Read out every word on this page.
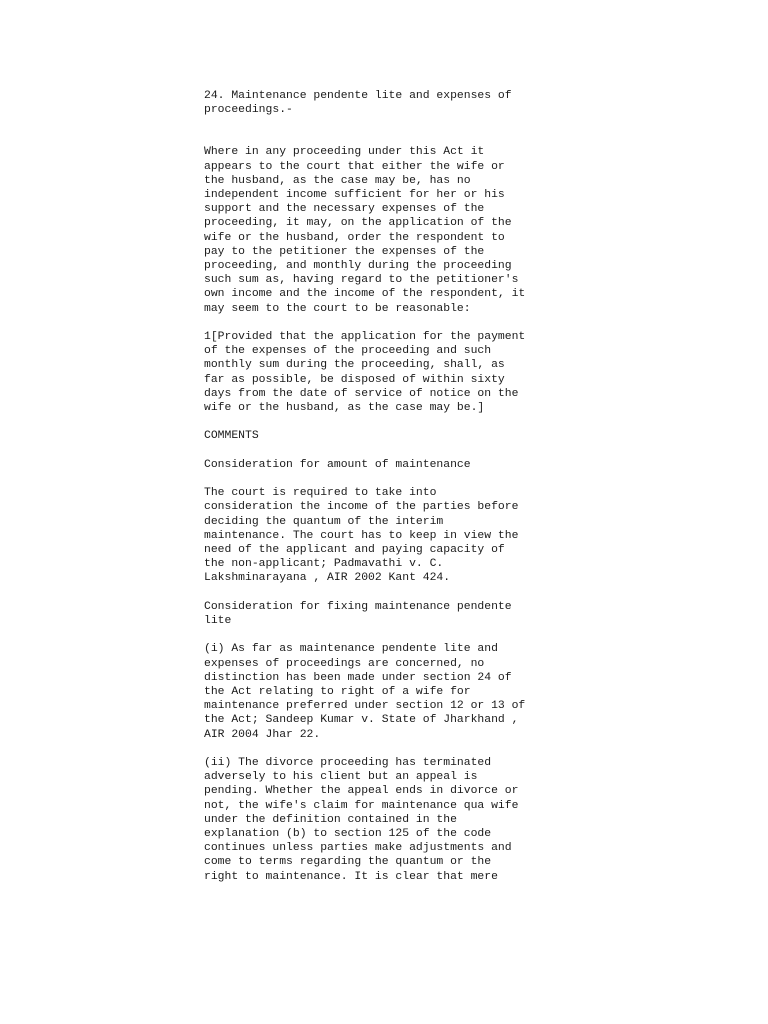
24. Maintenance pendente lite and expenses of
proceedings.-

Where in any proceeding under this Act it
appears to the court that either the wife or
the husband, as the case may be, has no
independent income sufficient for her or his
support and the necessary expenses of the
proceeding, it may, on the application of the
wife or the husband, order the respondent to
pay to the petitioner the expenses of the
proceeding, and monthly during the proceeding
such sum as, having regard to the petitioner's
own income and the income of the respondent, it
may seem to the court to be reasonable:

1[Provided that the application for the payment
of the expenses of the proceeding and such
monthly sum during the proceeding, shall, as
far as possible, be disposed of within sixty
days from the date of service of notice on the
wife or the husband, as the case may be.]

COMMENTS

Consideration for amount of maintenance

The court is required to take into
consideration the income of the parties before
deciding the quantum of the interim
maintenance. The court has to keep in view the
need of the applicant and paying capacity of
the non-applicant; Padmavathi v. C.
Lakshminarayana , AIR 2002 Kant 424.

Consideration for fixing maintenance pendente
lite

(i) As far as maintenance pendente lite and
expenses of proceedings are concerned, no
distinction has been made under section 24 of
the Act relating to right of a wife for
maintenance preferred under section 12 or 13 of
the Act; Sandeep Kumar v. State of Jharkhand ,
AIR 2004 Jhar 22.

(ii) The divorce proceeding has terminated
adversely to his client but an appeal is
pending. Whether the appeal ends in divorce or
not, the wife's claim for maintenance qua wife
under the definition contained in the
explanation (b) to section 125 of the code
continues unless parties make adjustments and
come to terms regarding the quantum or the
right to maintenance. It is clear that mere
